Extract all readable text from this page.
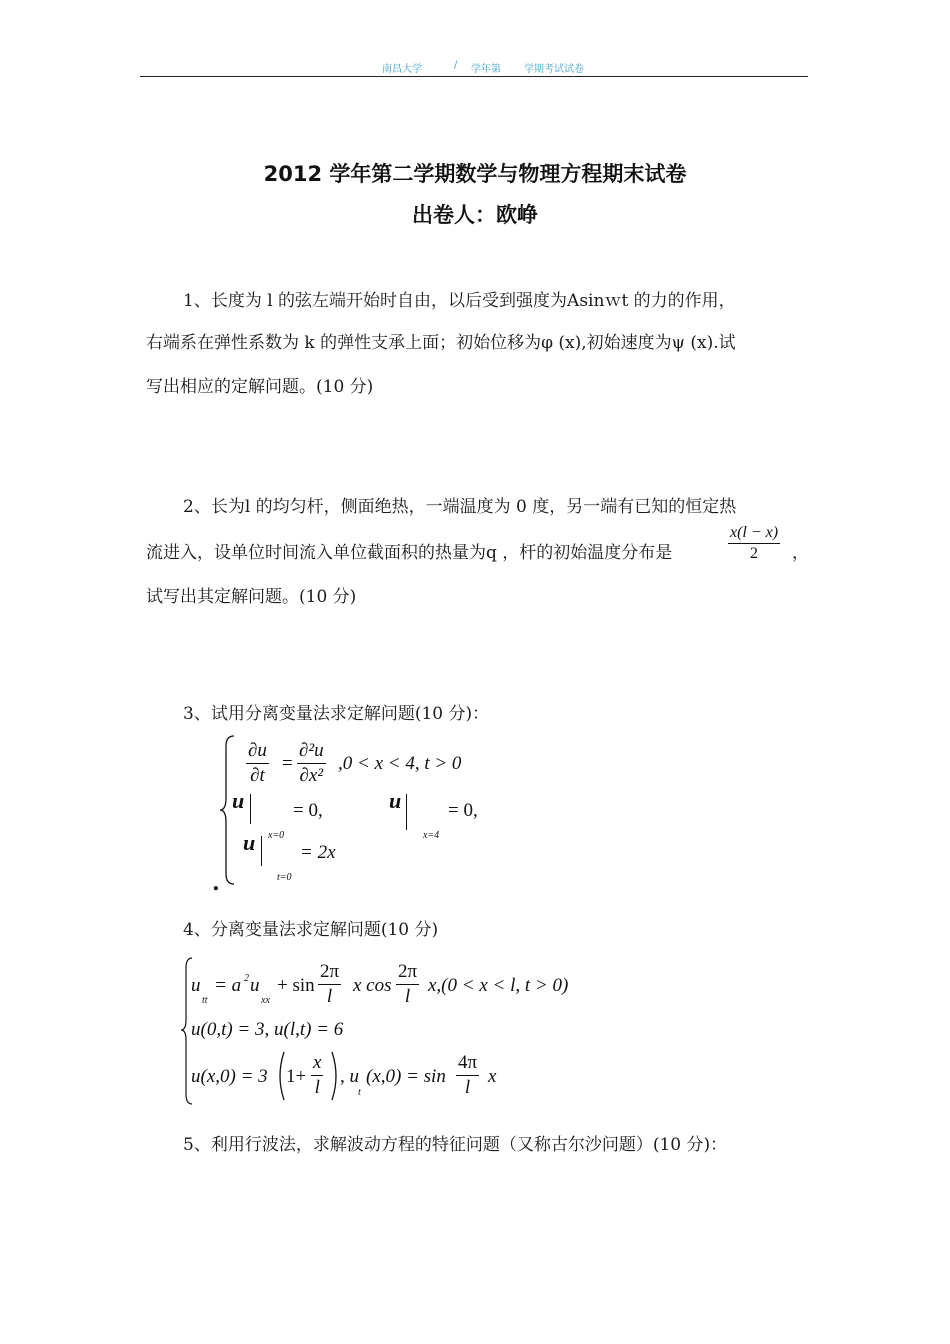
南昌大学	/ 学年第 学期考试试卷
2012 学年第二学期数学与物理方程期末试卷
出卷人：欧峥
1、长度为 l 的弦左端开始时自由，以后受到强度为Asinｗt 的力的作用，
右端系在弹性系数为 k 的弹性支承上面；初始位移为φ (x),初始速度为ψ (x).试
写出相应的定解问题。(10 分)
2、长为l 的均匀杆，侧面绝热，一端温度为 0 度，另一端有已知的恒定热
流进入，设单位时间流入单位截面积的热量为q ，杆的初始温度分布是
x(l − x)
2	，
试写出其定解问题。(10 分)
3、试用分离变量法求定解问题(10 分)：
∂u
∂t
=
∂²u
∂x²
,0 < x < 4, t > 0
u	= 0,
x=0
u = 0,
x=4
u = 2x
t=0
.
4、分离变量法求定解问题(10 分)
u
tt
= a 2 u
xx
+ sin
2π
l
x cos
2π
l
x,(0 < x < l, t > 0)
u(0,t) = 3, u(l,t) = 6
u(x,0) = 3 1+
x
l
, u
t
(x,0) = sin
4π
l
x
5、利用行波法，求解波动方程的特征问题（又称古尔沙问题）(10 分)：
